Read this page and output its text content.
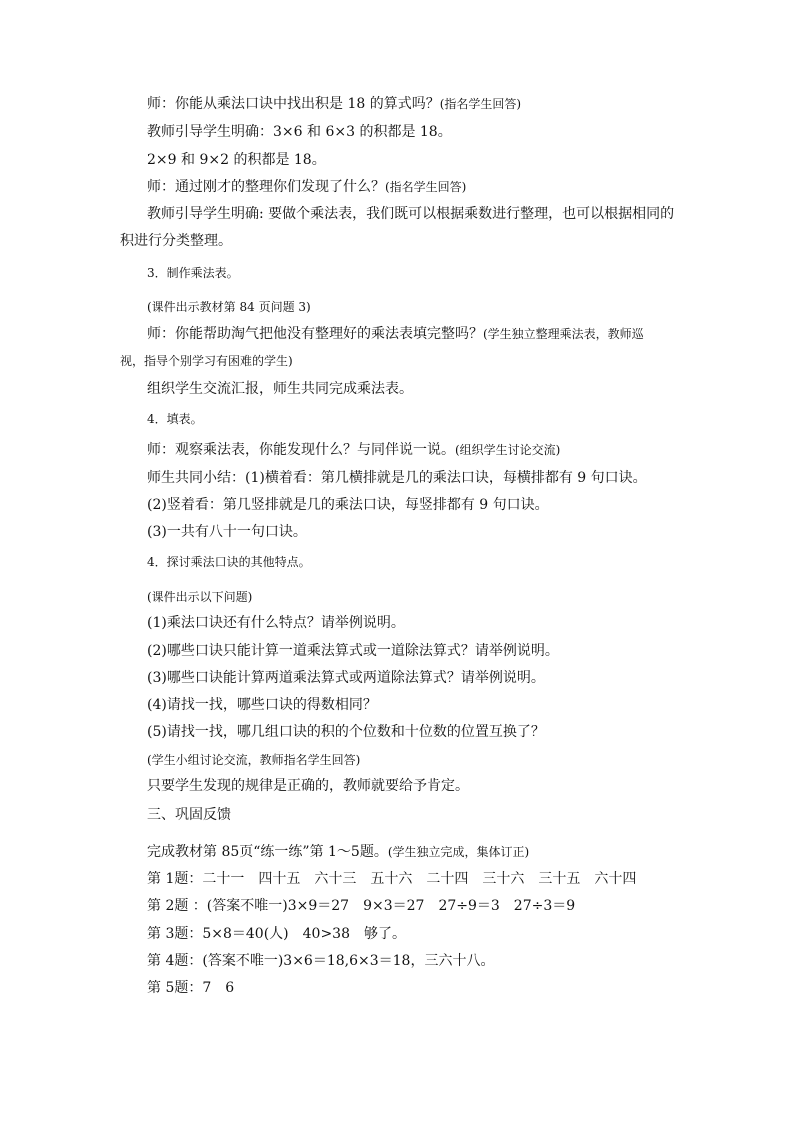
师：你能从乘法口诀中找出积是 18 的算式吗？(指名学生回答)
教师引导学生明确：3×6 和 6×3 的积都是 18。
2×9 和 9×2 的积都是 18。
师：通过刚才的整理你们发现了什么？(指名学生回答)
教师引导学生明确: 要做个乘法表，我们既可以根据乘数进行整理，也可以根据相同的
积进行分类整理。
3．制作乘法表。
(课件出示教材第 84 页问题 3)
师：你能帮助淘气把他没有整理好的乘法表填完整吗？(学生独立整理乘法表，教师巡
视，指导个别学习有困难的学生)
组织学生交流汇报，师生共同完成乘法表。
4．填表。
师：观察乘法表，你能发现什么？与同伴说一说。(组织学生讨论交流)
师生共同小结：(1)横着看：第几横排就是几的乘法口诀，每横排都有 9 句口诀。
(2)竖着看：第几竖排就是几的乘法口诀，每竖排都有 9 句口诀。
(3)一共有八十一句口诀。
4．探讨乘法口诀的其他特点。
(课件出示以下问题)
(1)乘法口诀还有什么特点？请举例说明。
(2)哪些口诀只能计算一道乘法算式或一道除法算式？请举例说明。
(3)哪些口诀能计算两道乘法算式或两道除法算式？请举例说明。
(4)请找一找，哪些口诀的得数相同？
(5)请找一找，哪几组口诀的积的个位数和十位数的位置互换了？
(学生小组讨论交流，教师指名学生回答)
只要学生发现的规律是正确的，教师就要给予肯定。
三、巩固反馈
完成教材第 85页“练一练”第 1～5题。(学生独立完成，集体订正)
第 1题：二十一　四十五　六十三　五十六　二十四　三十六　三十五　六十四
第 2题 ：(答案不唯一)3×9＝27　9×3＝27　27÷9＝3　27÷3＝9
第 3题：5×8＝40(人)　40>38　够了。
第 4题：(答案不唯一)3×6＝18,6×3＝18，三六十八。
第 5题：7　6
